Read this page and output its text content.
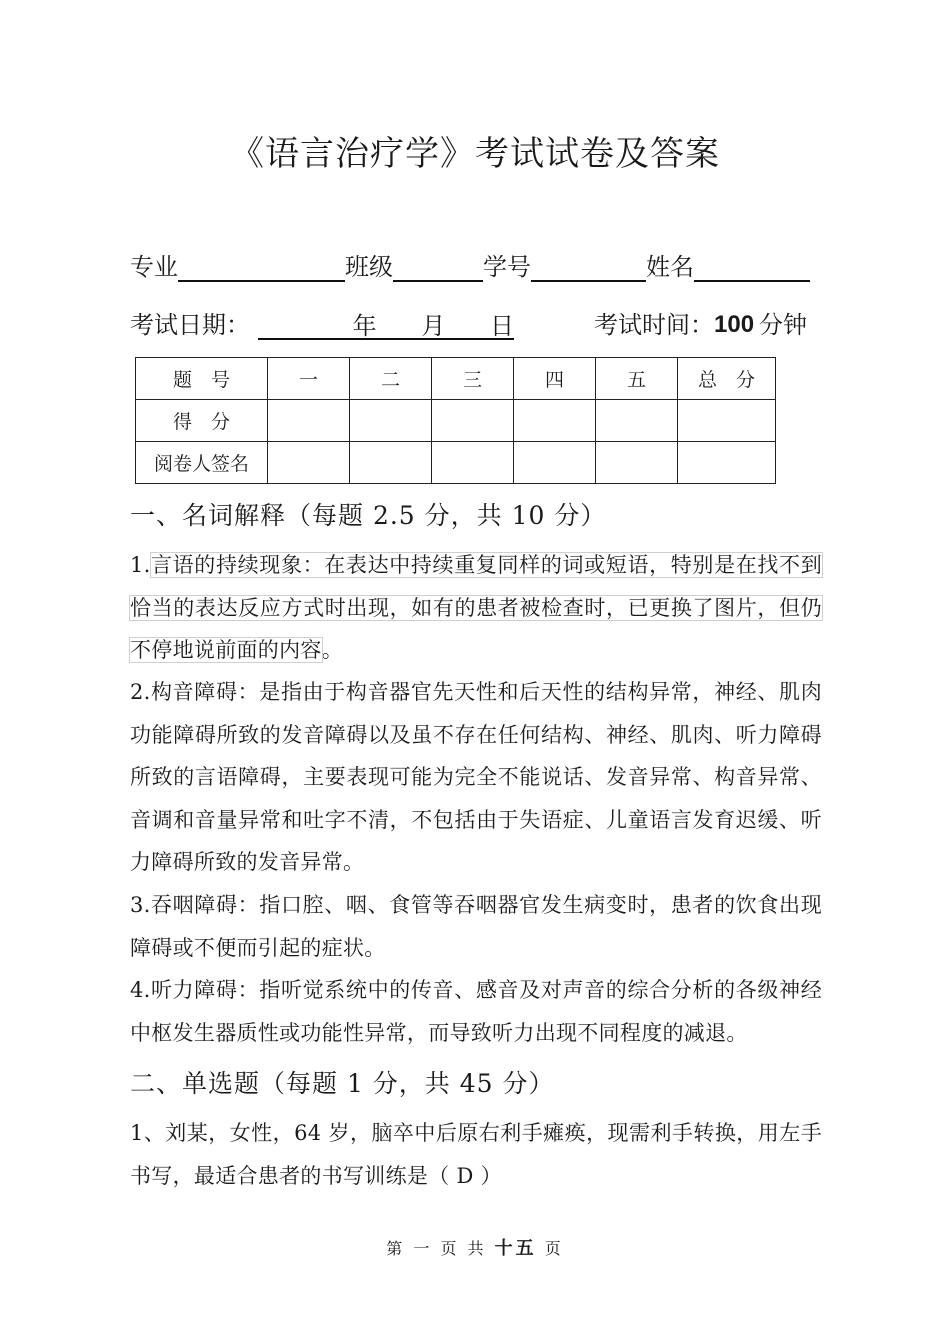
《语言治疗学》考试试卷及答案
专业	班级	学号	姓名
考试日期：	年 月 日	考试时间： 100 分钟
题　号	一	二	三	四	五	总　分
得　分						
阅卷人签名						
一、名词解释（每题 2.5 分，共 10 分）
1.言语的持续现象：在表达中持续重复同样的词或短语，特别是在找不到恰当的表达反应方式时出现，如有的患者被检查时，已更换了图片，但仍不停地说前面的内容。
2.构音障碍：是指由于构音器官先天性和后天性的结构异常，神经、肌肉功能障碍所致的发音障碍以及虽不存在任何结构、神经、肌肉、听力障碍所致的言语障碍，主要表现可能为完全不能说话、发音异常、构音异常、音调和音量异常和吐字不清，不包括由于失语症、儿童语言发育迟缓、听力障碍所致的发音异常。
3.吞咽障碍：指口腔、咽、食管等吞咽器官发生病变时，患者的饮食出现障碍或不便而引起的症状。
4.听力障碍：指听觉系统中的传音、感音及对声音的综合分析的各级神经中枢发生器质性或功能性异常，而导致听力出现不同程度的减退。
二、单选题（每题 1 分，共 45 分）
1、刘某，女性，64 岁，脑卒中后原右利手瘫痪，现需利手转换，用左手书写，最适合患者的书写训练是（ D ）
第 一 页 共 十五 页
